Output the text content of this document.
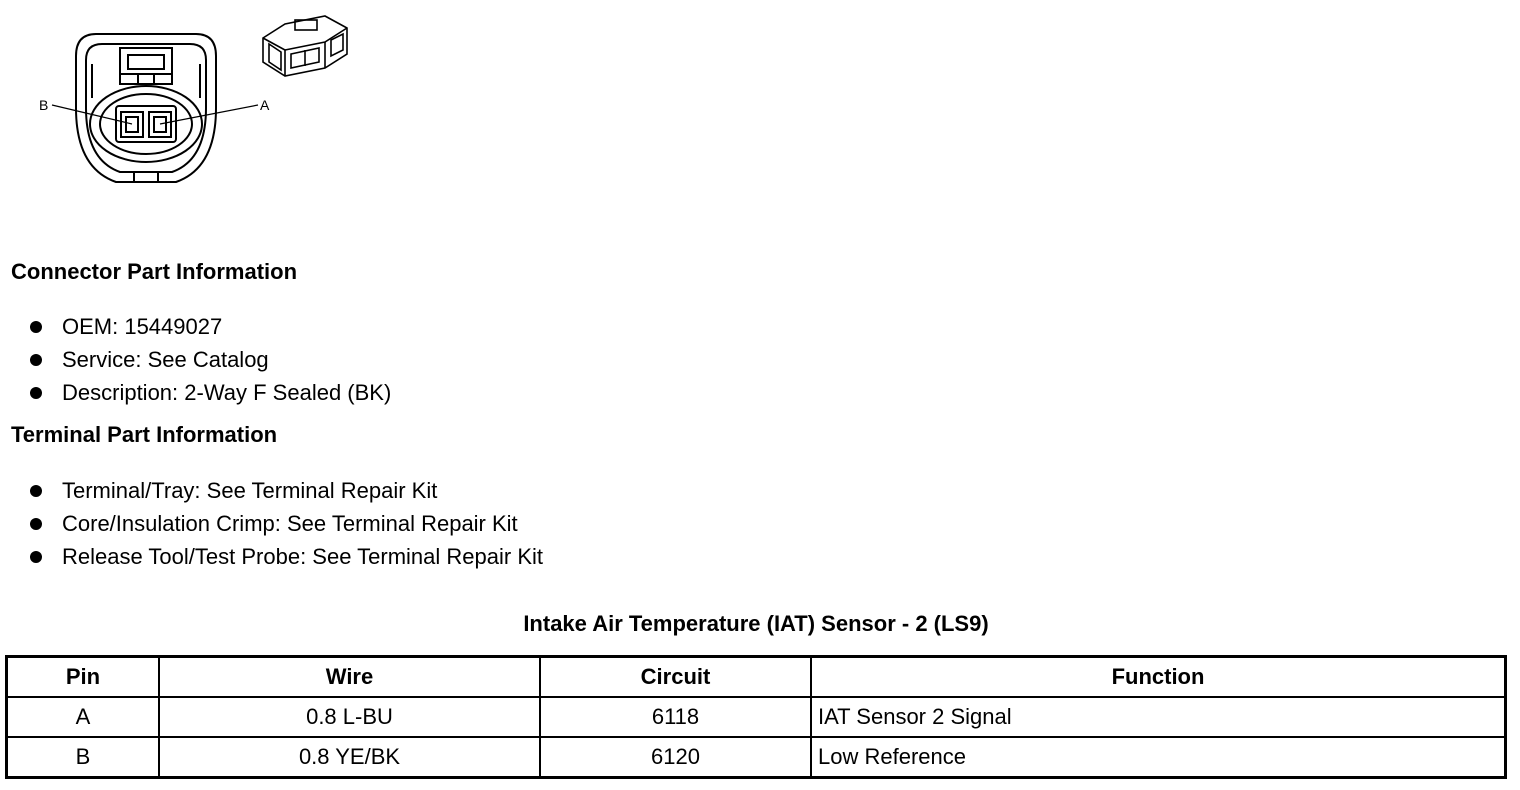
B	A
Connector Part Information
OEM: 15449027
Service: See Catalog
Description: 2-Way F Sealed (BK)
Terminal Part Information
Terminal/Tray: See Terminal Repair Kit
Core/Insulation Crimp: See Terminal Repair Kit
Release Tool/Test Probe: See Terminal Repair Kit
Intake Air Temperature (IAT) Sensor - 2 (LS9)
Pin	Wire	Circuit	Function
A	0.8 L-BU	6118	IAT Sensor 2 Signal
B	0.8 YE/BK	6120	Low Reference
